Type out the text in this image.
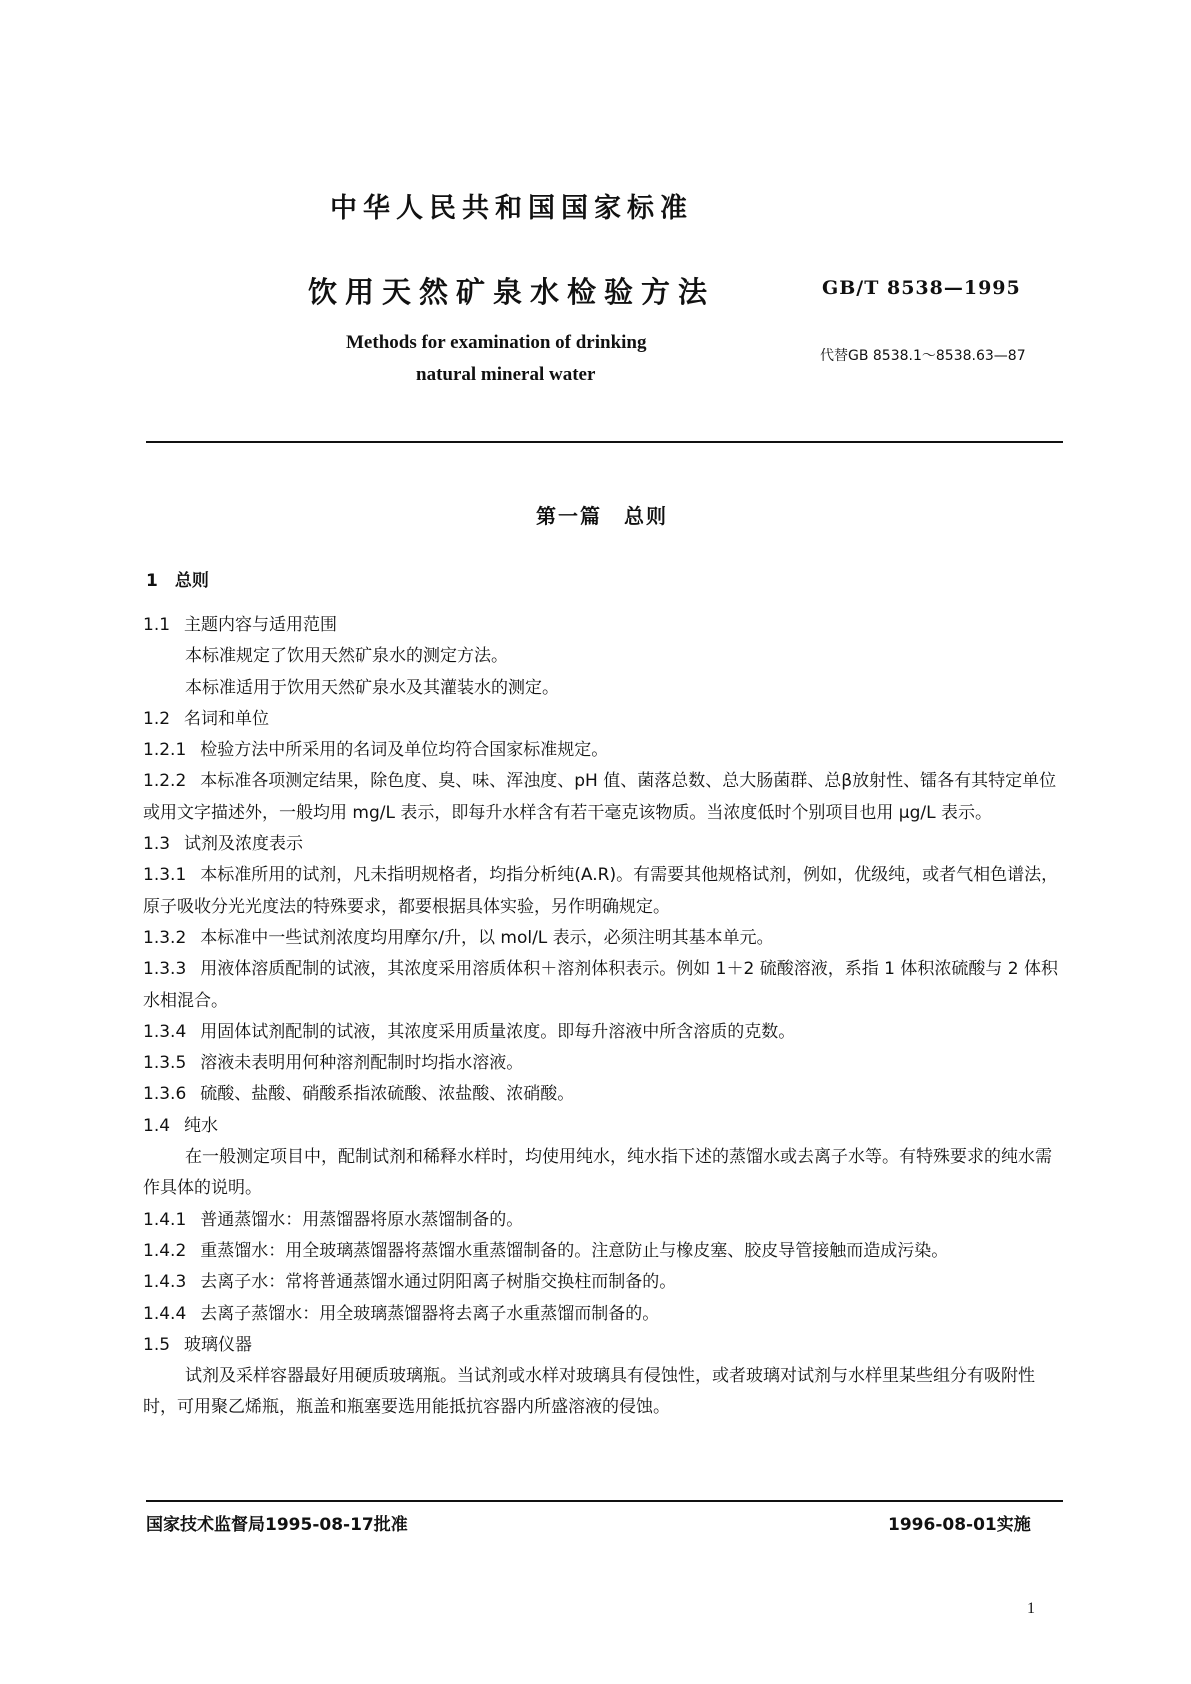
中华人民共和国国家标准
饮用天然矿泉水检验方法	GB/T 8538—1995
Methods for examination of drinking
natural mineral water
代替GB 8538.1～8538.63—87
第一篇　总则
1　总则

1.1 主题内容与适用范围

本标准规定了饮用天然矿泉水的测定方法。

本标准适用于饮用天然矿泉水及其灌装水的测定。

1.2 名词和单位

1.2.1 检验方法中所采用的名词及单位均符合国家标准规定。

1.2.2 本标准各项测定结果，除色度、臭、味、浑浊度、pH 值、菌落总数、总大肠菌群、总β放射性、镭各有其特定单位或用文字描述外，一般均用 mg/L 表示，即每升水样含有若干毫克该物质。当浓度低时个别项目也用 μg/L 表示。

1.3 试剂及浓度表示

1.3.1 本标准所用的试剂，凡未指明规格者，均指分析纯(A.R)。有需要其他规格试剂，例如，优级纯，或者气相色谱法，原子吸收分光光度法的特殊要求，都要根据具体实验，另作明确规定。

1.3.2 本标准中一些试剂浓度均用摩尔/升，以 mol/L 表示，必须注明其基本单元。

1.3.3 用液体溶质配制的试液，其浓度采用溶质体积＋溶剂体积表示。例如 1＋2 硫酸溶液，系指 1 体积浓硫酸与 2 体积水相混合。

1.3.4 用固体试剂配制的试液，其浓度采用质量浓度。即每升溶液中所含溶质的克数。

1.3.5 溶液未表明用何种溶剂配制时均指水溶液。

1.3.6 硫酸、盐酸、硝酸系指浓硫酸、浓盐酸、浓硝酸。

1.4 纯水

在一般测定项目中，配制试剂和稀释水样时，均使用纯水，纯水指下述的蒸馏水或去离子水等。有特殊要求的纯水需作具体的说明。

1.4.1 普通蒸馏水：用蒸馏器将原水蒸馏制备的。

1.4.2 重蒸馏水：用全玻璃蒸馏器将蒸馏水重蒸馏制备的。注意防止与橡皮塞、胶皮导管接触而造成污染。

1.4.3 去离子水：常将普通蒸馏水通过阴阳离子树脂交换柱而制备的。

1.4.4 去离子蒸馏水：用全玻璃蒸馏器将去离子水重蒸馏而制备的。

1.5 玻璃仪器

试剂及采样容器最好用硬质玻璃瓶。当试剂或水样对玻璃具有侵蚀性，或者玻璃对试剂与水样里某些组分有吸附性时，可用聚乙烯瓶，瓶盖和瓶塞要选用能抵抗容器内所盛溶液的侵蚀。

国家技术监督局1995-08-17批准	1996-08-01实施
1
